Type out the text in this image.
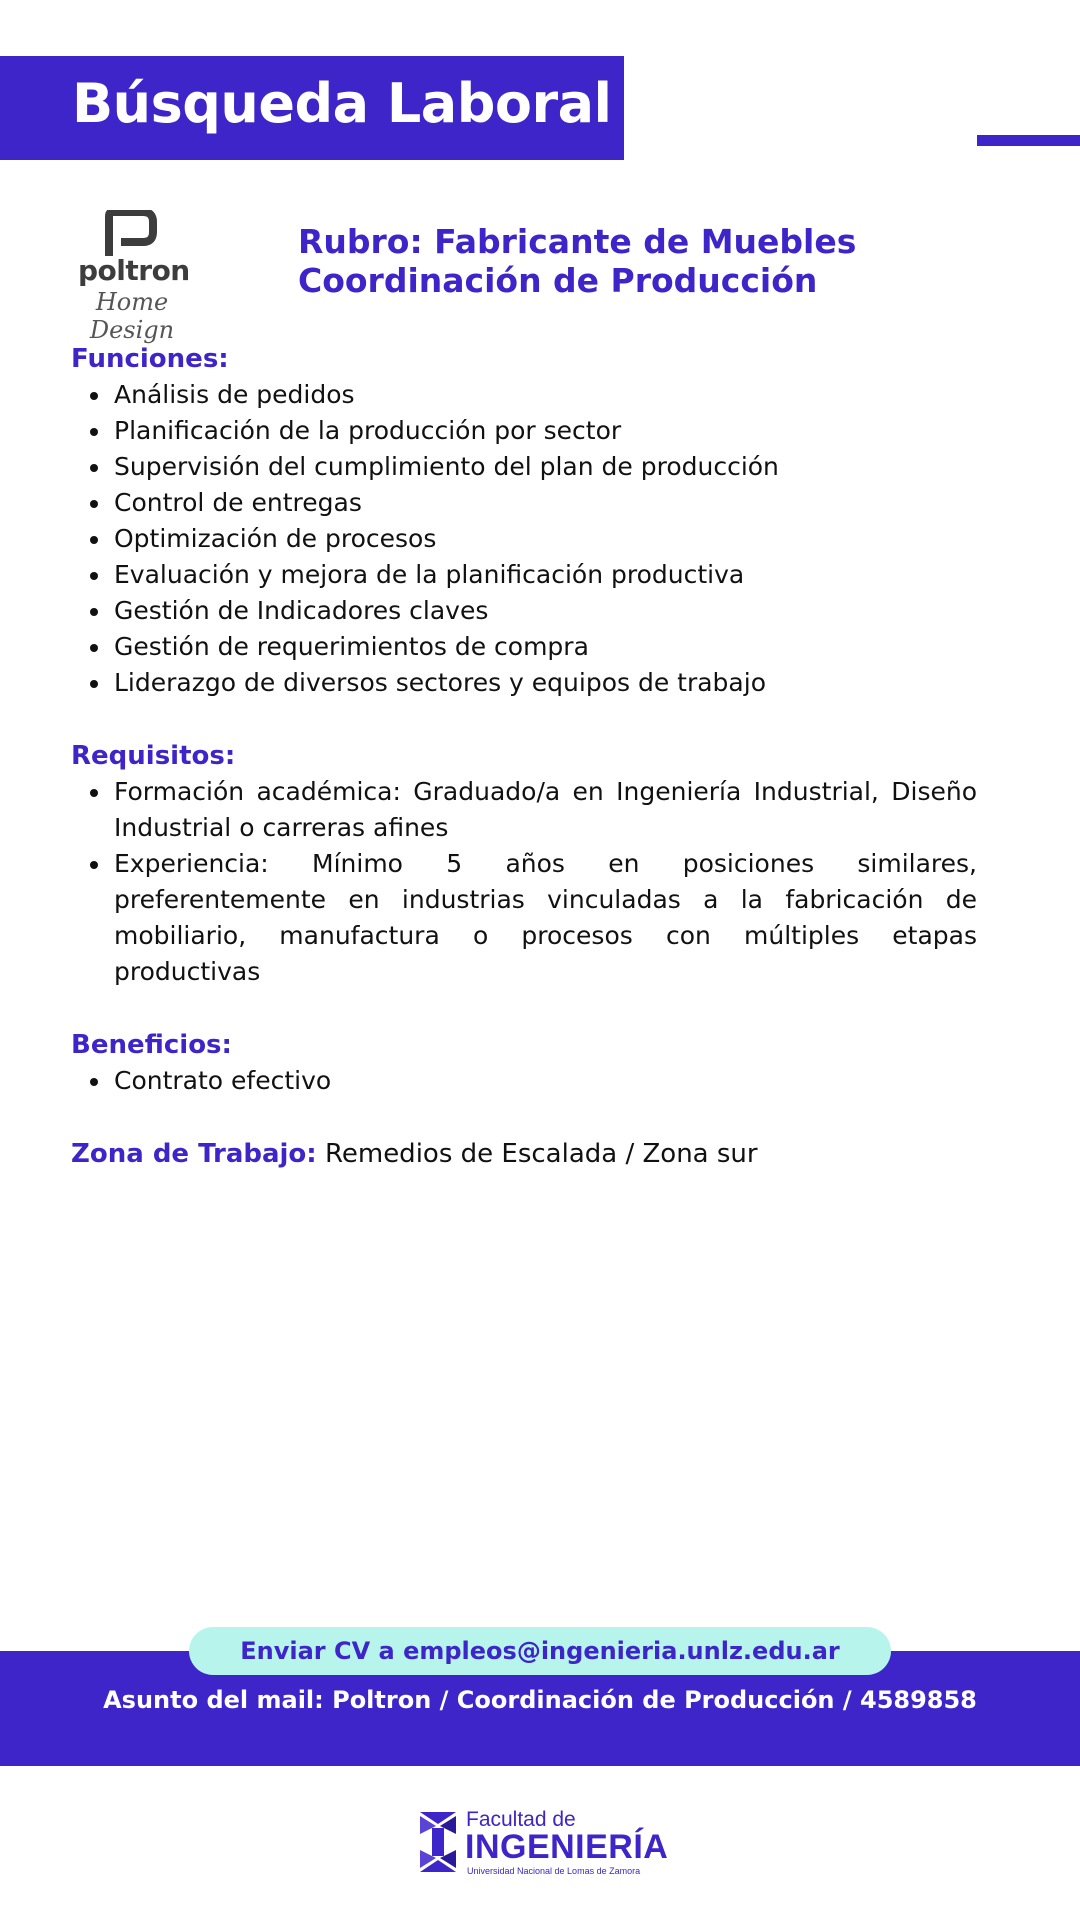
Búsqueda Laboral
poltron
Home Design
Rubro: Fabricante de Muebles
Coordinación de Producción
Funciones:
Análisis de pedidos
Planificación de la producción por sector
Supervisión del cumplimiento del plan de producción
Control de entregas
Optimización de procesos
Evaluación y mejora de la planificación productiva
Gestión de Indicadores claves
Gestión de requerimientos de compra
Liderazgo de diversos sectores y equipos de trabajo
Requisitos:
Formación académica: Graduado/a en Ingeniería Industrial, Diseño Industrial o carreras afines
Experiencia: Mínimo 5 años en posiciones similares, preferentemente en industrias vinculadas a la fabricación de mobiliario, manufactura o procesos con múltiples etapas productivas
Beneficios:
Contrato efectivo
Zona de Trabajo: Remedios de Escalada / Zona sur
Enviar CV a empleos@ingenieria.unlz.edu.ar
Asunto del mail: Poltron / Coordinación de Producción / 4589858
Facultad de
INGENIERÍA
Universidad Nacional de Lomas de Zamora
